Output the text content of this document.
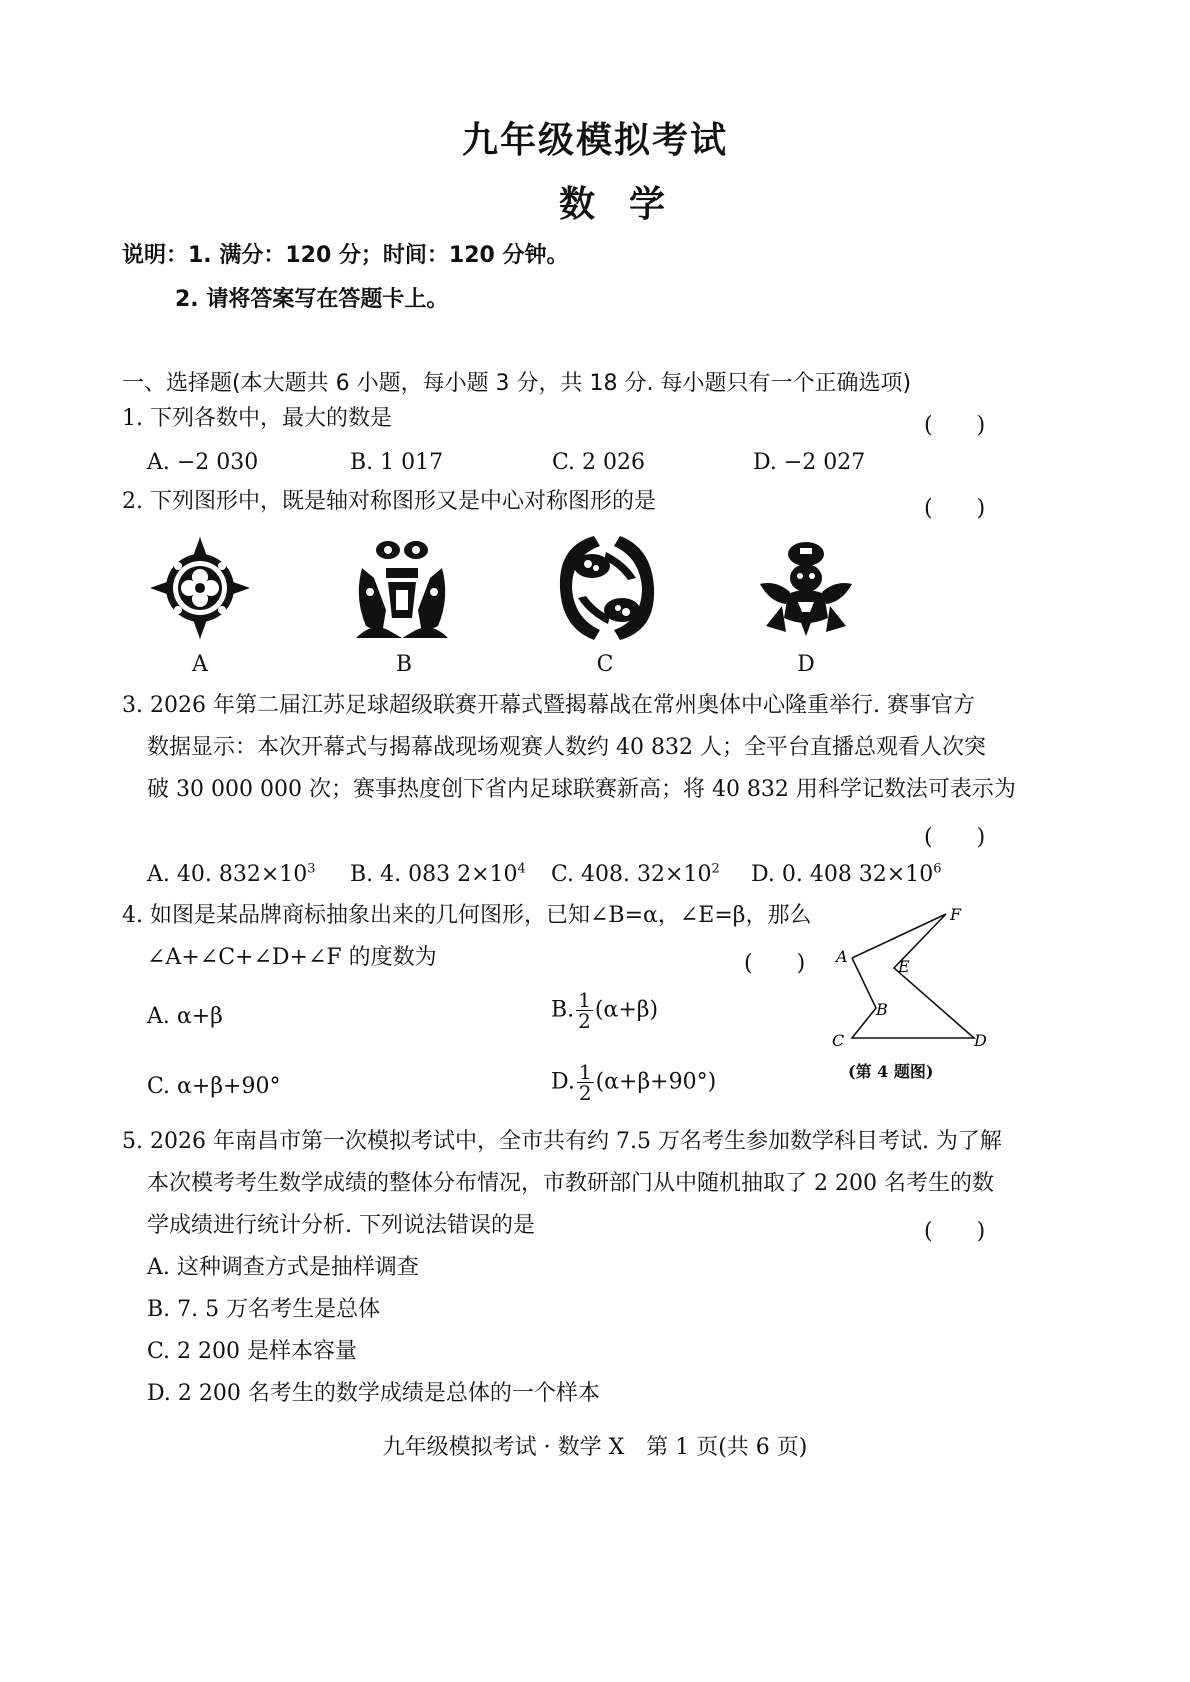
九年级模拟考试
数学
说明：1. 满分：120 分；时间：120 分钟。
2. 请将答案写在答题卡上。
一、选择题(本大题共 6 小题，每小题 3 分，共 18 分. 每小题只有一个正确选项)
1. 下列各数中，最大的数是	(　　)
A. −2 030	B. 1 017	C. 2 026	D. −2 027
2. 下列图形中，既是轴对称图形又是中心对称图形的是	(　　)
A	B	C	D
3. 2026 年第二届江苏足球超级联赛开幕式暨揭幕战在常州奥体中心隆重举行. 赛事官方
数据显示：本次开幕式与揭幕战现场观赛人数约 40 832 人；全平台直播总观看人次突
破 30 000 000 次；赛事热度创下省内足球联赛新高；将 40 832 用科学记数法可表示为
(　　)
A. 40. $832\times 10^3$ B. 4. 083 $2\times 10^4$ C. 408. $32\times 10^2$ D. 0. 408 $32\times 10^6$
4. 如图是某品牌商标抽象出来的几何图形，已知∠B=α，∠E=β，那么
∠A+∠C+∠D+∠F 的度数为	(　　)
A. α+β	B. $\frac{1}{2} (\alpha+\beta)$
C. α+β+90°	D. $\frac{1}{2} (\alpha+\beta+90^\circ)$
A
B
C	D
E
F
(第 4 题图)
5. 2026 年南昌市第一次模拟考试中，全市共有约 7.5 万名考生参加数学科目考试. 为了解
本次模考考生数学成绩的整体分布情况，市教研部门从中随机抽取了 2 200 名考生的数
学成绩进行统计分析. 下列说法错误的是	(　　)
A. 这种调查方式是抽样调查
B. 7. 5 万名考生是总体
C. 2 200 是样本容量
D. 2 200 名考生的数学成绩是总体的一个样本
九年级模拟考试 · 数学 X　第 1 页(共 6 页)
